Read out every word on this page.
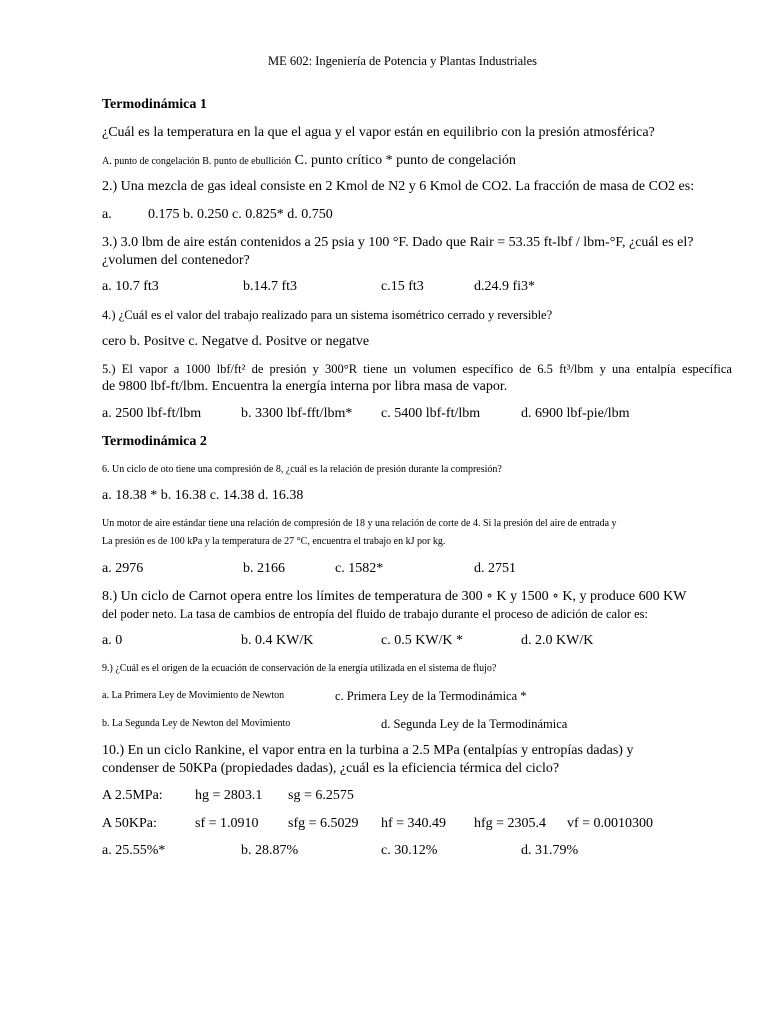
ME 602: Ingeniería de Potencia y Plantas Industriales
Termodinámica 1
¿Cuál es la temperatura en la que el agua y el vapor están en equilibrio con la presión atmosférica?
A. punto de congelación B. punto de ebullición C. punto crítico * punto de congelación
2.) Una mezcla de gas ideal consiste en 2 Kmol de N2 y 6 Kmol de CO2. La fracción de masa de CO2 es:
a.	0.175 b. 0.250 c. 0.825* d. 0.750
3.) 3.0 lbm de aire están contenidos a 25 psia y 100 °F. Dado que Rair = 53.35 ft-lbf / lbm-°F, ¿cuál es el?
¿volumen del contenedor?
a. 10.7 ft3	b.14.7 ft3	c.15 ft3	d.24.9 fi3*
4.) ¿Cuál es el valor del trabajo realizado para un sistema isométrico cerrado y reversible?
cero b. Positve c. Negatve d. Positve or negatve
5.) El vapor a 1000 lbf/ft² de presión y 300°R tiene un volumen específico de 6.5 ft³/lbm y una entalpía específica
de 9800 lbf-ft/lbm. Encuentra la energía interna por libra masa de vapor.
a. 2500 lbf-ft/lbm	b. 3300 lbf-fft/lbm* c. 5400 lbf-ft/lbm	d. 6900 lbf-pie/lbm
Termodinámica 2
6. Un ciclo de oto tiene una compresión de 8, ¿cuál es la relación de presión durante la compresión?
a. 18.38 * b. 16.38 c. 14.38 d. 16.38
Un motor de aire estándar tiene una relación de compresión de 18 y una relación de corte de 4. Si la presión del aire de entrada y
La presión es de 100 kPa y la temperatura de 27 °C, encuentra el trabajo en kJ por kg.
a. 2976	b. 2166	c. 1582*	d. 2751
8.) Un ciclo de Carnot opera entre los límites de temperatura de 300 ∘ K y 1500 ∘ K, y produce 600 KW
del poder neto. La tasa de cambios de entropía del fluido de trabajo durante el proceso de adición de calor es:
a. 0	b. 0.4 KW/K	c. 0.5 KW/K *	d. 2.0 KW/K
9.) ¿Cuál es el origen de la ecuación de conservación de la energía utilizada en el sistema de flujo?
a. La Primera Ley de Movimiento de Newton	c. Primera Ley de la Termodinámica *
b. La Segunda Ley de Newton del Movimiento	d. Segunda Ley de la Termodinámica
10.) En un ciclo Rankine, el vapor entra en la turbina a 2.5 MPa (entalpías y entropías dadas) y
condenser de 50KPa (propiedades dadas), ¿cuál es la eficiencia térmica del ciclo?
A 2.5MPa: hg = 2803.1 sg = 6.2575
A 50KPa:	sf = 1.0910 sfg = 6.5029 hf = 340.49 hfg = 2305.4 vf = 0.0010300
a. 25.55%*	b. 28.87%	c. 30.12%	d. 31.79%
